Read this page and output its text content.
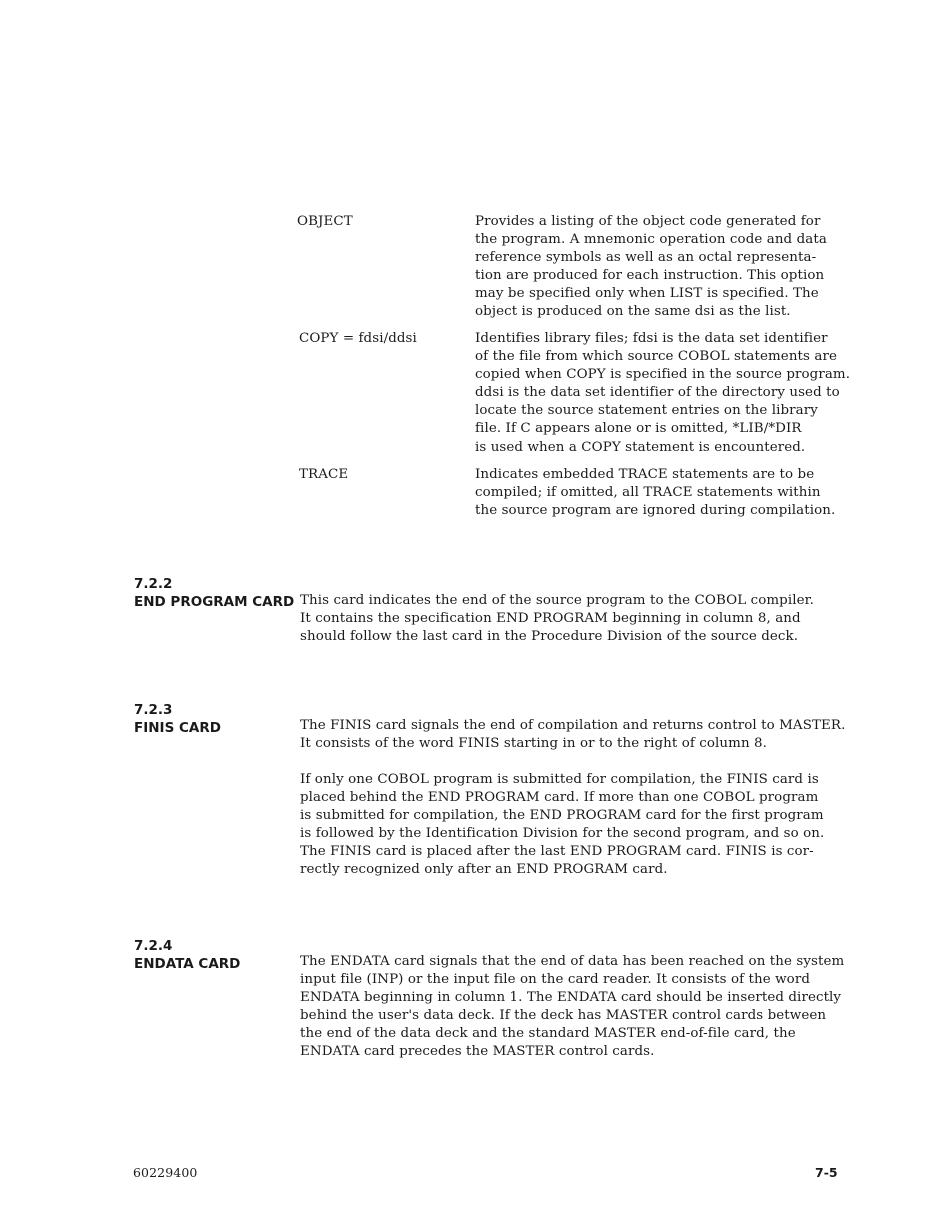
OBJECT	Provides a listing of the object code generated for
the program. A mnemonic operation code and data
reference symbols as well as an octal representa-
tion are produced for each instruction. This option
may be specified only when LIST is specified. The
object is produced on the same dsi as the list.
COPY = fdsi/ddsi	Identifies library files; fdsi is the data set identifier
of the file from which source COBOL statements are
copied when COPY is specified in the source program.
ddsi is the data set identifier of the directory used to
locate the source statement entries on the library
file. If C appears alone or is omitted, *LIB/*DIR
is used when a COPY statement is encountered.
TRACE	Indicates embedded TRACE statements are to be
compiled; if omitted, all TRACE statements within
the source program are ignored during compilation.
7.2.2
END PROGRAM CARD This card indicates the end of the source program to the COBOL compiler.
It contains the specification END PROGRAM beginning in column 8, and
should follow the last card in the Procedure Division of the source deck.
7.2.3
FINIS CARD	The FINIS card signals the end of compilation and returns control to MASTER.
It consists of the word FINIS starting in or to the right of column 8.
If only one COBOL program is submitted for compilation, the FINIS card is
placed behind the END PROGRAM card. If more than one COBOL program
is submitted for compilation, the END PROGRAM card for the first program
is followed by the Identification Division for the second program, and so on.
The FINIS card is placed after the last END PROGRAM card. FINIS is cor-
rectly recognized only after an END PROGRAM card.
7.2.4
ENDATA CARD	The ENDATA card signals that the end of data has been reached on the system
input file (INP) or the input file on the card reader. It consists of the word
ENDATA beginning in column 1. The ENDATA card should be inserted directly
behind the user's data deck. If the deck has MASTER control cards between
the end of the data deck and the standard MASTER end-of-file card, the
ENDATA card precedes the MASTER control cards.
60229400	7-5
